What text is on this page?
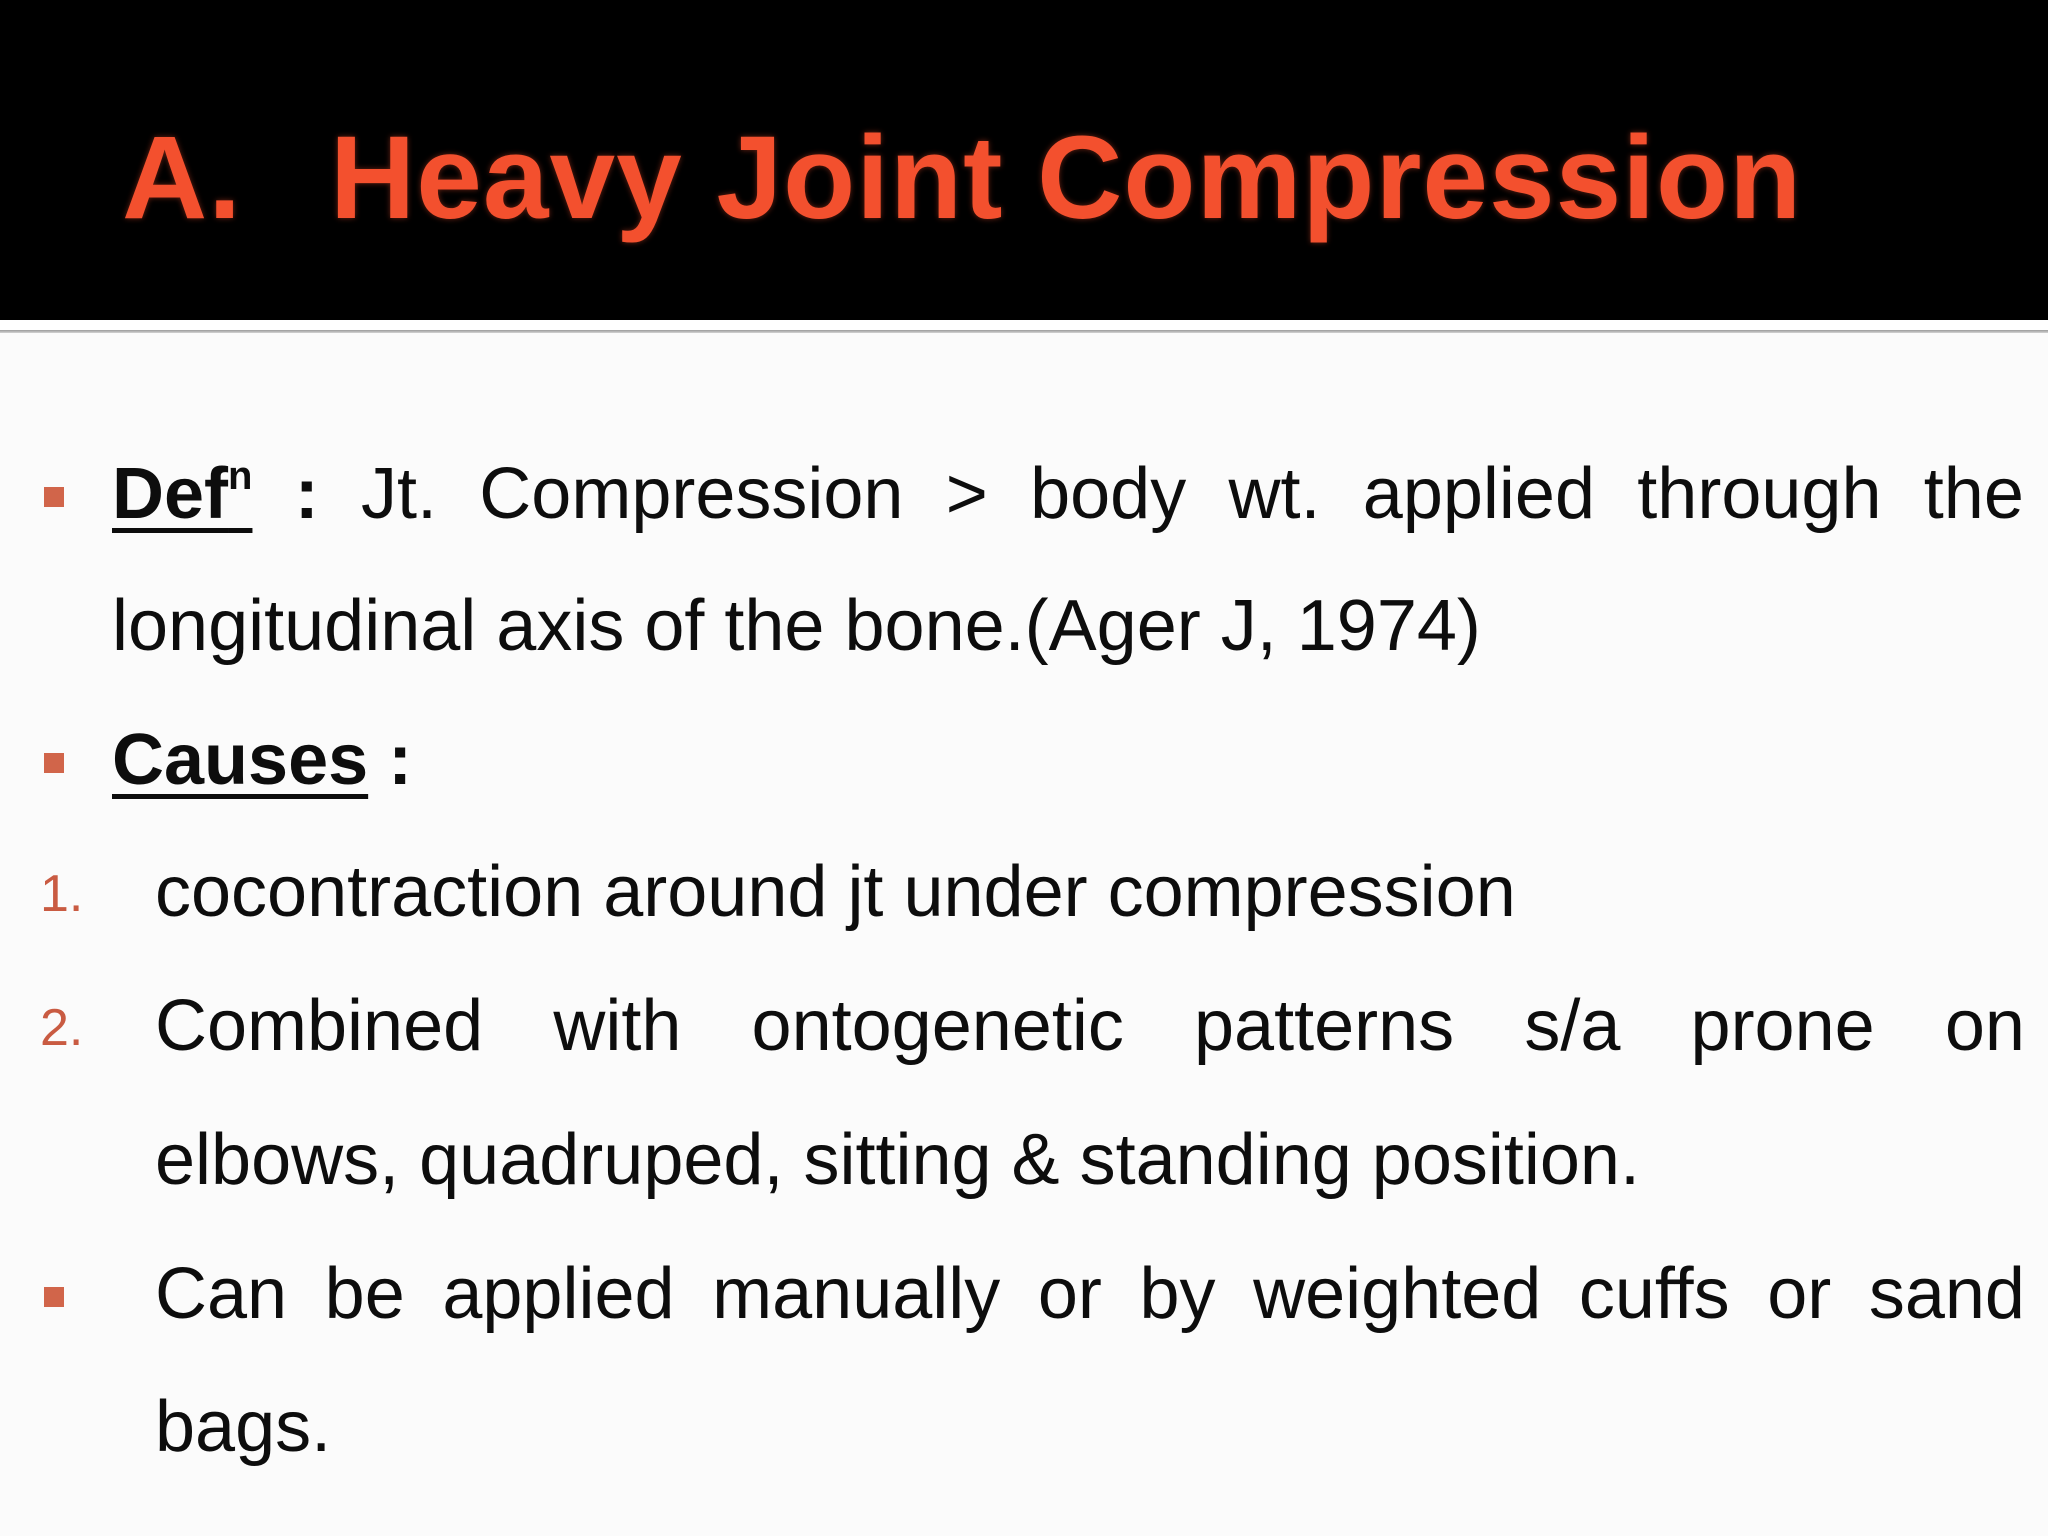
A. Heavy Joint Compression
Def$^n$ : Jt. Compression > body wt. applied through the
longitudinal axis of the bone.(Ager J, 1974)
Causes :
1. cocontraction around jt under compression
2. Combined with ontogenetic patterns s/a prone on
elbows, quadruped, sitting & standing position.
Can be applied manually or by weighted cuffs or sand
bags.
